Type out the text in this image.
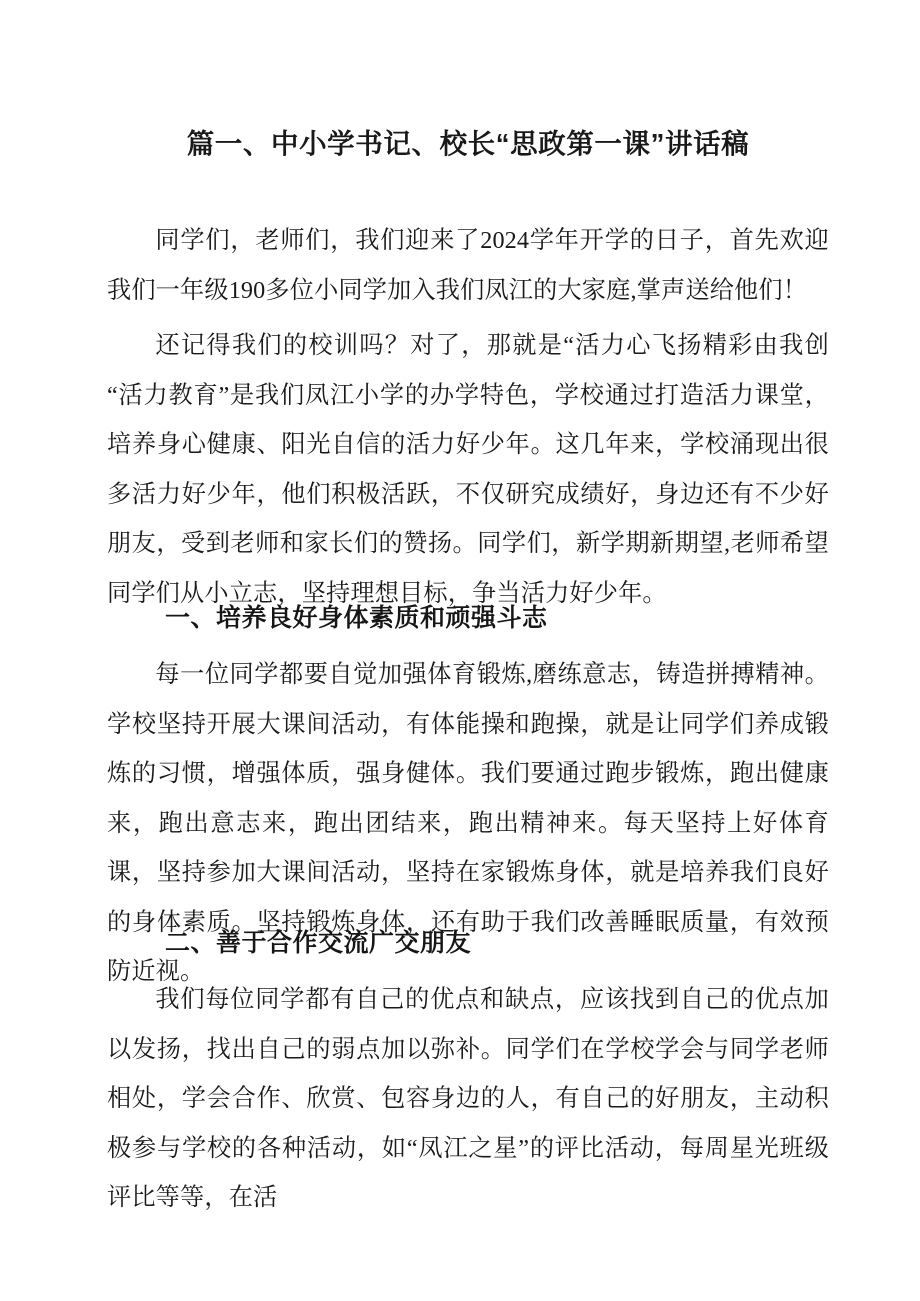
篇一、中小学书记、校长“思政第一课”讲话稿

同学们，老师们，我们迎来了2024学年开学的日子，首先欢迎我们一年级190多位小同学加入我们凤江的大家庭,掌声送给他们！

还记得我们的校训吗？对了，那就是“活力心飞扬精彩由我创“活力教育”是我们凤江小学的办学特色，学校通过打造活力课堂，培养身心健康、阳光自信的活力好少年。这几年来，学校涌现出很多活力好少年，他们积极活跃，不仅研究成绩好，身边还有不少好朋友，受到老师和家长们的赞扬。同学们，新学期新期望,老师希望同学们从小立志，坚持理想目标，争当活力好少年。

一、培养良好身体素质和顽强斗志

每一位同学都要自觉加强体育锻炼,磨练意志，铸造拼搏精神。学校坚持开展大课间活动，有体能操和跑操，就是让同学们养成锻炼的习惯，增强体质，强身健体。我们要通过跑步锻炼，跑出健康来，跑出意志来，跑出团结来，跑出精神来。每天坚持上好体育课，坚持参加大课间活动，坚持在家锻炼身体，就是培养我们良好的身体素质。坚持锻炼身体，还有助于我们改善睡眠质量，有效预防近视。

二、善于合作交流广交朋友

我们每位同学都有自己的优点和缺点，应该找到自己的优点加以发扬，找出自己的弱点加以弥补。同学们在学校学会与同学老师相处，学会合作、欣赏、包容身边的人，有自己的好朋友，主动积极参与学校的各种活动，如“凤江之星”的评比活动，每周星光班级评比等等，在活
